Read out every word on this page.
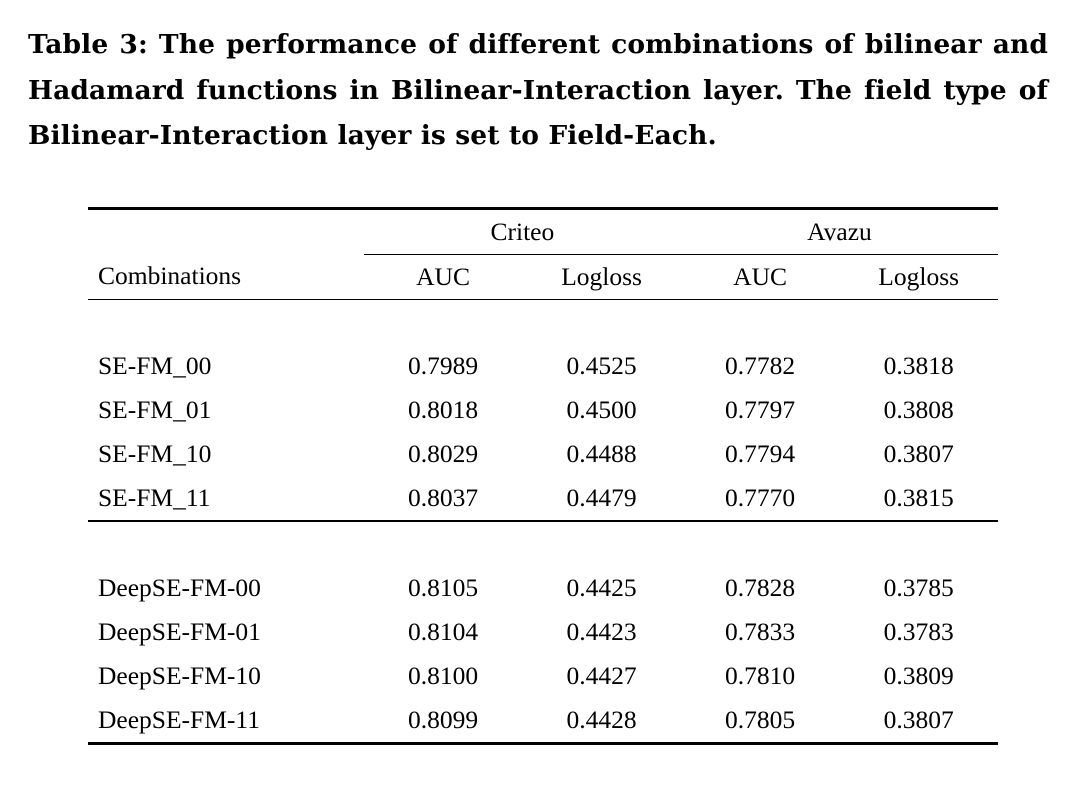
Table 3: The performance of different combinations of bilinear and Hadamard functions in Bilinear-Interaction layer. The field type of Bilinear-Interaction layer is set to Field-Each.
	Criteo		Avazu	
Combinations	AUC	Logloss	AUC	Logloss

SE-FM_00	0.7989	0.4525	0.7782	0.3818
SE-FM_01	0.8018	0.4500	0.7797	0.3808
SE-FM_10	0.8029	0.4488	0.7794	0.3807
SE-FM_11	0.8037	0.4479	0.7770	0.3815

DeepSE-FM-00	0.8105	0.4425	0.7828	0.3785
DeepSE-FM-01	0.8104	0.4423	0.7833	0.3783
DeepSE-FM-10	0.8100	0.4427	0.7810	0.3809
DeepSE-FM-11	0.8099	0.4428	0.7805	0.3807
